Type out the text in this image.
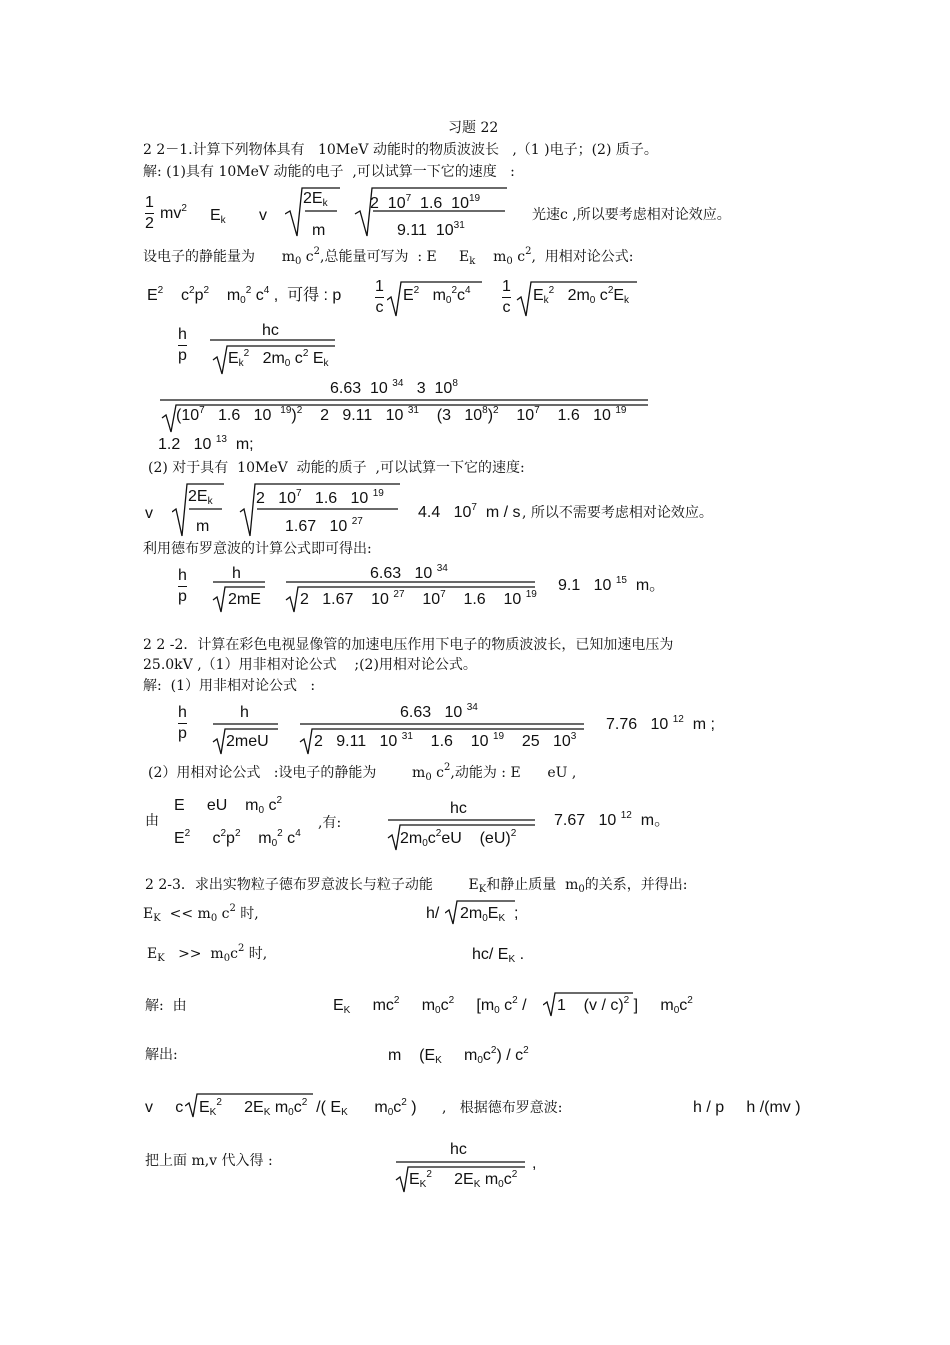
习题 22
2 2－1.计算下列物体具有   10MeV 动能时的物质波波长   ,（1 )电子；(2) 质子。
解: (1)具有 10MeV 动能的电子  ,可以试算一下它的速度   :
1
2
$mv^2$ $E_k$ v
$2E_k$
m
2  $10^7$  1.6  $10^{19}$
9.11  $10^{31}$
光速c ,所以要考虑相对论效应。
设电子的静能量为      $m_0$ $c^2$,总能量可写为  : E     $E_k$    $m_0$ $c^2$,  用相对论公式:
$E^2$    $c^2p^2$    $m_0^2$ $c^4$ ,  可得 : p
1
c
$E^2$   $m_0^2c^4$ 1
c
$E_k^2$   $2m_0$ $c^2E_k$
h
p
hc
$E_k^2$   $2m_0$ $c^2$ $E_k$
6.63  10 $^{34}$   3  $10^8$
($10^7$   1.6   10  $^{19}$)$^2$    2   9.11   10 $^{31}$    (3   $10^8)^2$    $10^7$    1.6   10 $^{19}$
1.2   10 $^{13}$  m;
(2) 对于具有  10MeV  动能的质子  ,可以试算一下它的速度:
v
$2E_k$
m
2   $10^7$   1.6   10 $^{19}$
1.67   10 $^{27}$
4.4   $10^7$  m / s , 所以不需要考虑相对论效应。
利用德布罗意波的计算公式即可得出:
h
p
h
2mE
6.63   10 $^{34}$
2   1.67    10 $^{27}$    $10^7$    1.6    10 $^{19}$
9.1   10 $^{15}$  m。
2 2 -2．计算在彩色电视显像管的加速电压作用下电子的物质波波长，已知加速电压为
25.0kV ,（1）用非相对论公式    ;(2)用相对论公式。
解:  (1）用非相对论公式   :
h
p
h
2meU
6.63   10 $^{34}$
2   9.11   10 $^{31}$    1.6    10 $^{19}$    25   $10^3$
7.76   10 $^{12}$  m ;
(2）用相对论公式   :设电子的静能为        $m_0$ $c^2$,动能为 : E      eU ,
由
E     eU    $m_0$ $c^2$
$E^2$     $c^2p^2$    $m_0^2$ $c^4$
,有:
hc
$2m_0c^2eU$    (eU)$^2$
7.67   10 $^{12}$  m。
2 2-3．求出实物粒子德布罗意波长与粒子动能        $E_K$和静止质量  $m_0$的关系，并得出:
$E_K << m_0$ $c^2$ 时,	h/ $2m_0E_K$  ;
$E_K >> m_0c^2$ 时,	hc/ $E_K$ .
解:  由	$E_K$     $mc^2$     $m_0c^2$     [$m_0$ $c^2 / 1$    (v / c)$^2$ ]     $m_0c^2$
解出:	m    ($E_K$     $m_0c^2) / c^2$
v     c $E_K^2$     $2E_K$ $m_0c^2$  /( $E_K$      $m_0c^2$ ) ,   根据德布罗意波:	h / p     h /(mv )
把上面 m,v 代入得 :
hc
$E_K^2$     $2E_K$ $m_0c^2$
,
